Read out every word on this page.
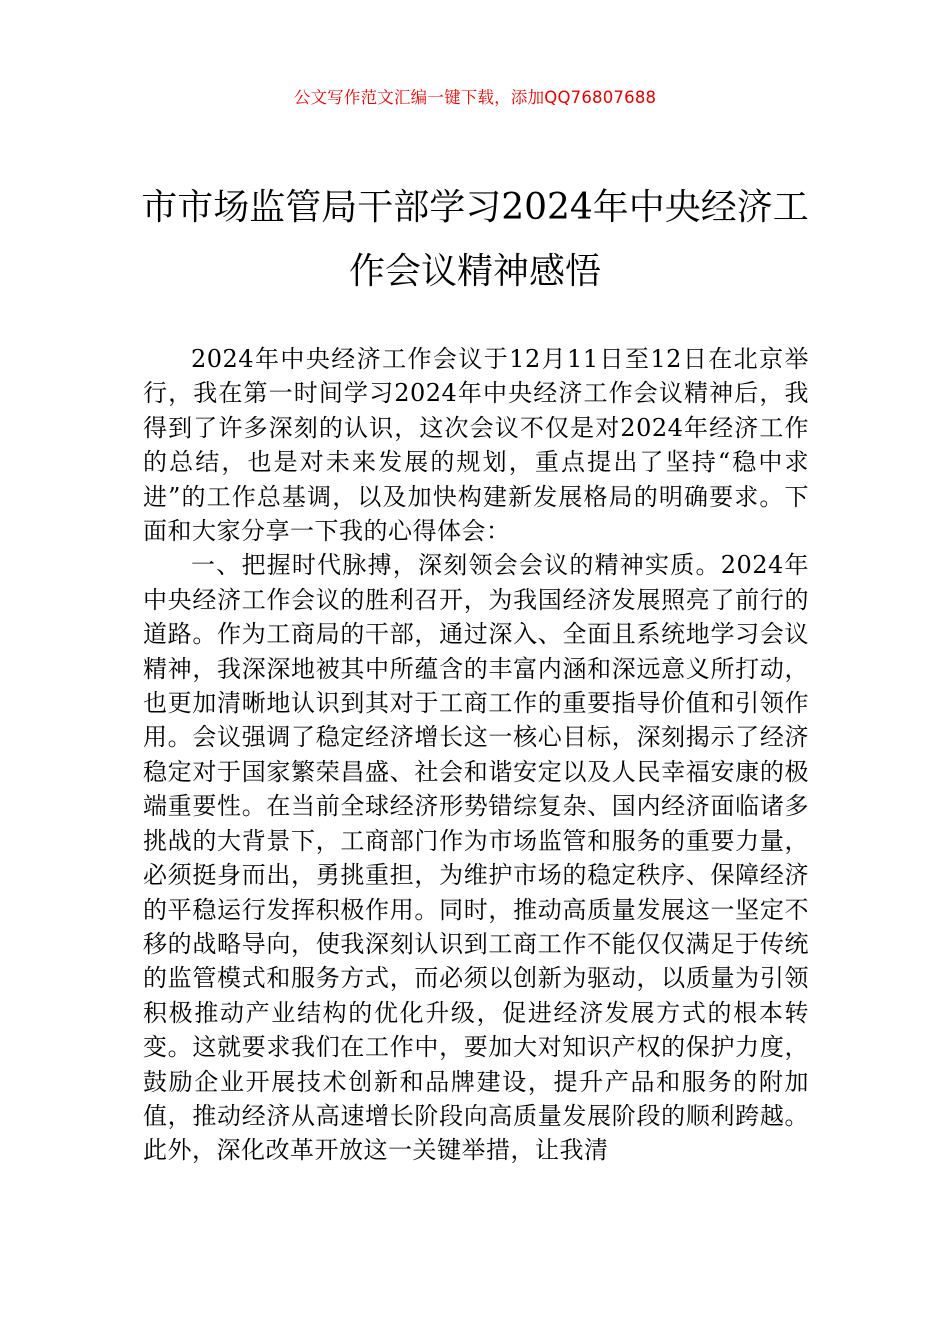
公文写作范文汇编一键下载，添加QQ76807688
市市场监管局干部学习2024年中央经济工
作会议精神感悟

2024年中央经济工作会议于12月11日至12日在北京举行，我在第一时间学习2024年中央经济工作会议精神后，我得到了许多深刻的认识，这次会议不仅是对2024年经济工作的总结，也是对未来发展的规划，重点提出了坚持“稳中求进”的工作总基调，以及加快构建新发展格局的明确要求。下面和大家分享一下我的心得体会：

一、把握时代脉搏，深刻领会会议的精神实质。2024年中央经济工作会议的胜利召开，为我国经济发展照亮了前行的道路。作为工商局的干部，通过深入、全面且系统地学习会议精神，我深深地被其中所蕴含的丰富内涵和深远意义所打动，也更加清晰地认识到其对于工商工作的重要指导价值和引领作用。会议强调了稳定经济增长这一核心目标，深刻揭示了经济稳定对于国家繁荣昌盛、社会和谐安定以及人民幸福安康的极端重要性。在当前全球经济形势错综复杂、国内经济面临诸多挑战的大背景下，工商部门作为市场监管和服务的重要力量，必须挺身而出，勇挑重担，为维护市场的稳定秩序、保障经济的平稳运行发挥积极作用。同时，推动高质量发展这一坚定不移的战略导向，使我深刻认识到工商工作不能仅仅满足于传统的监管模式和服务方式，而必须以创新为驱动，以质量为引领积极推动产业结构的优化升级，促进经济发展方式的根本转变。这就要求我们在工作中，要加大对知识产权的保护力度，鼓励企业开展技术创新和品牌建设，提升产品和服务的附加值，推动经济从高速增长阶段向高质量发展阶段的顺利跨越。此外，深化改革开放这一关键举措，让我清
